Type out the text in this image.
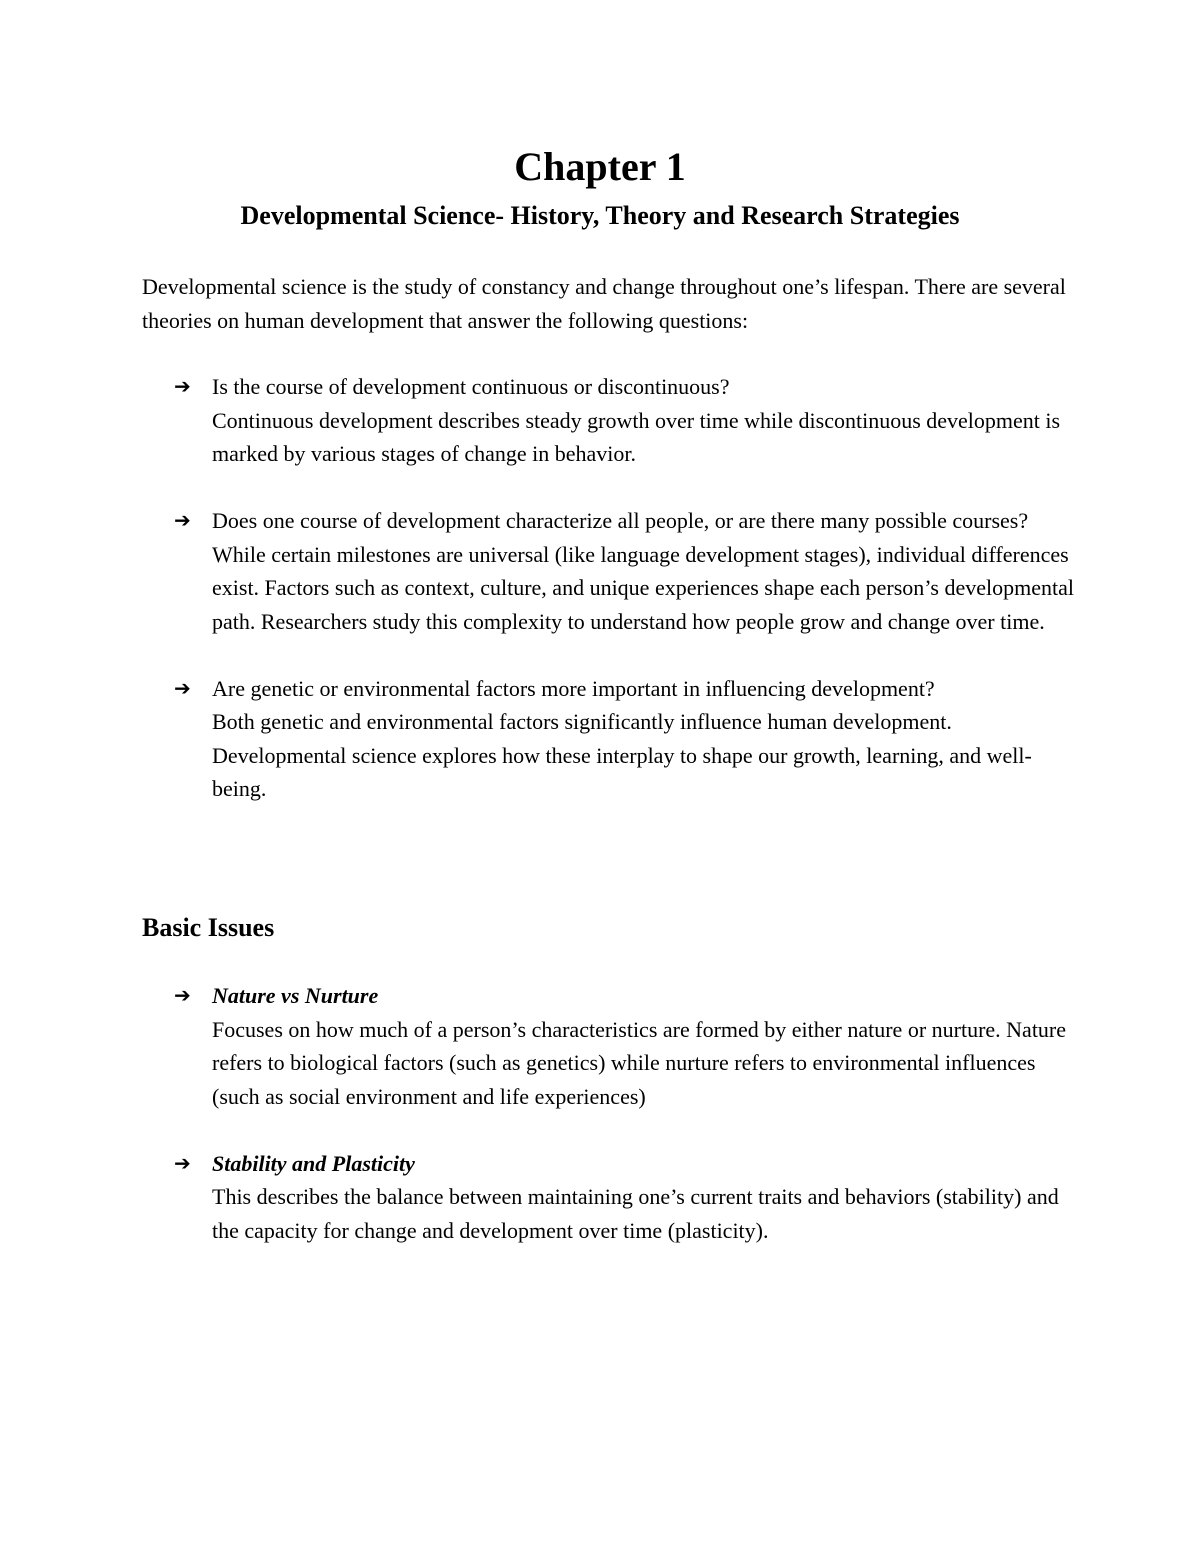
Chapter 1
Developmental Science- History, Theory and Research Strategies

Developmental science is the study of constancy and change throughout one’s lifespan. There are several theories on human development that answer the following questions:

➔ Is the course of development continuous or discontinuous?
Continuous development describes steady growth over time while discontinuous development is marked by various stages of change in behavior.
➔ Does one course of development characterize all people, or are there many possible courses?
While certain milestones are universal (like language development stages), individual differences exist. Factors such as context, culture, and unique experiences shape each person’s developmental path. Researchers study this complexity to understand how people grow and change over time.
➔ Are genetic or environmental factors more important in influencing development?
Both genetic and environmental factors significantly influence human development. Developmental science explores how these interplay to shape our growth, learning, and well-being.
Basic Issues
➔ Nature vs Nurture
Focuses on how much of a person’s characteristics are formed by either nature or nurture. Nature refers to biological factors (such as genetics) while nurture refers to environmental influences (such as social environment and life experiences)
➔ Stability and Plasticity
This describes the balance between maintaining one’s current traits and behaviors (stability) and the capacity for change and development over time (plasticity).
